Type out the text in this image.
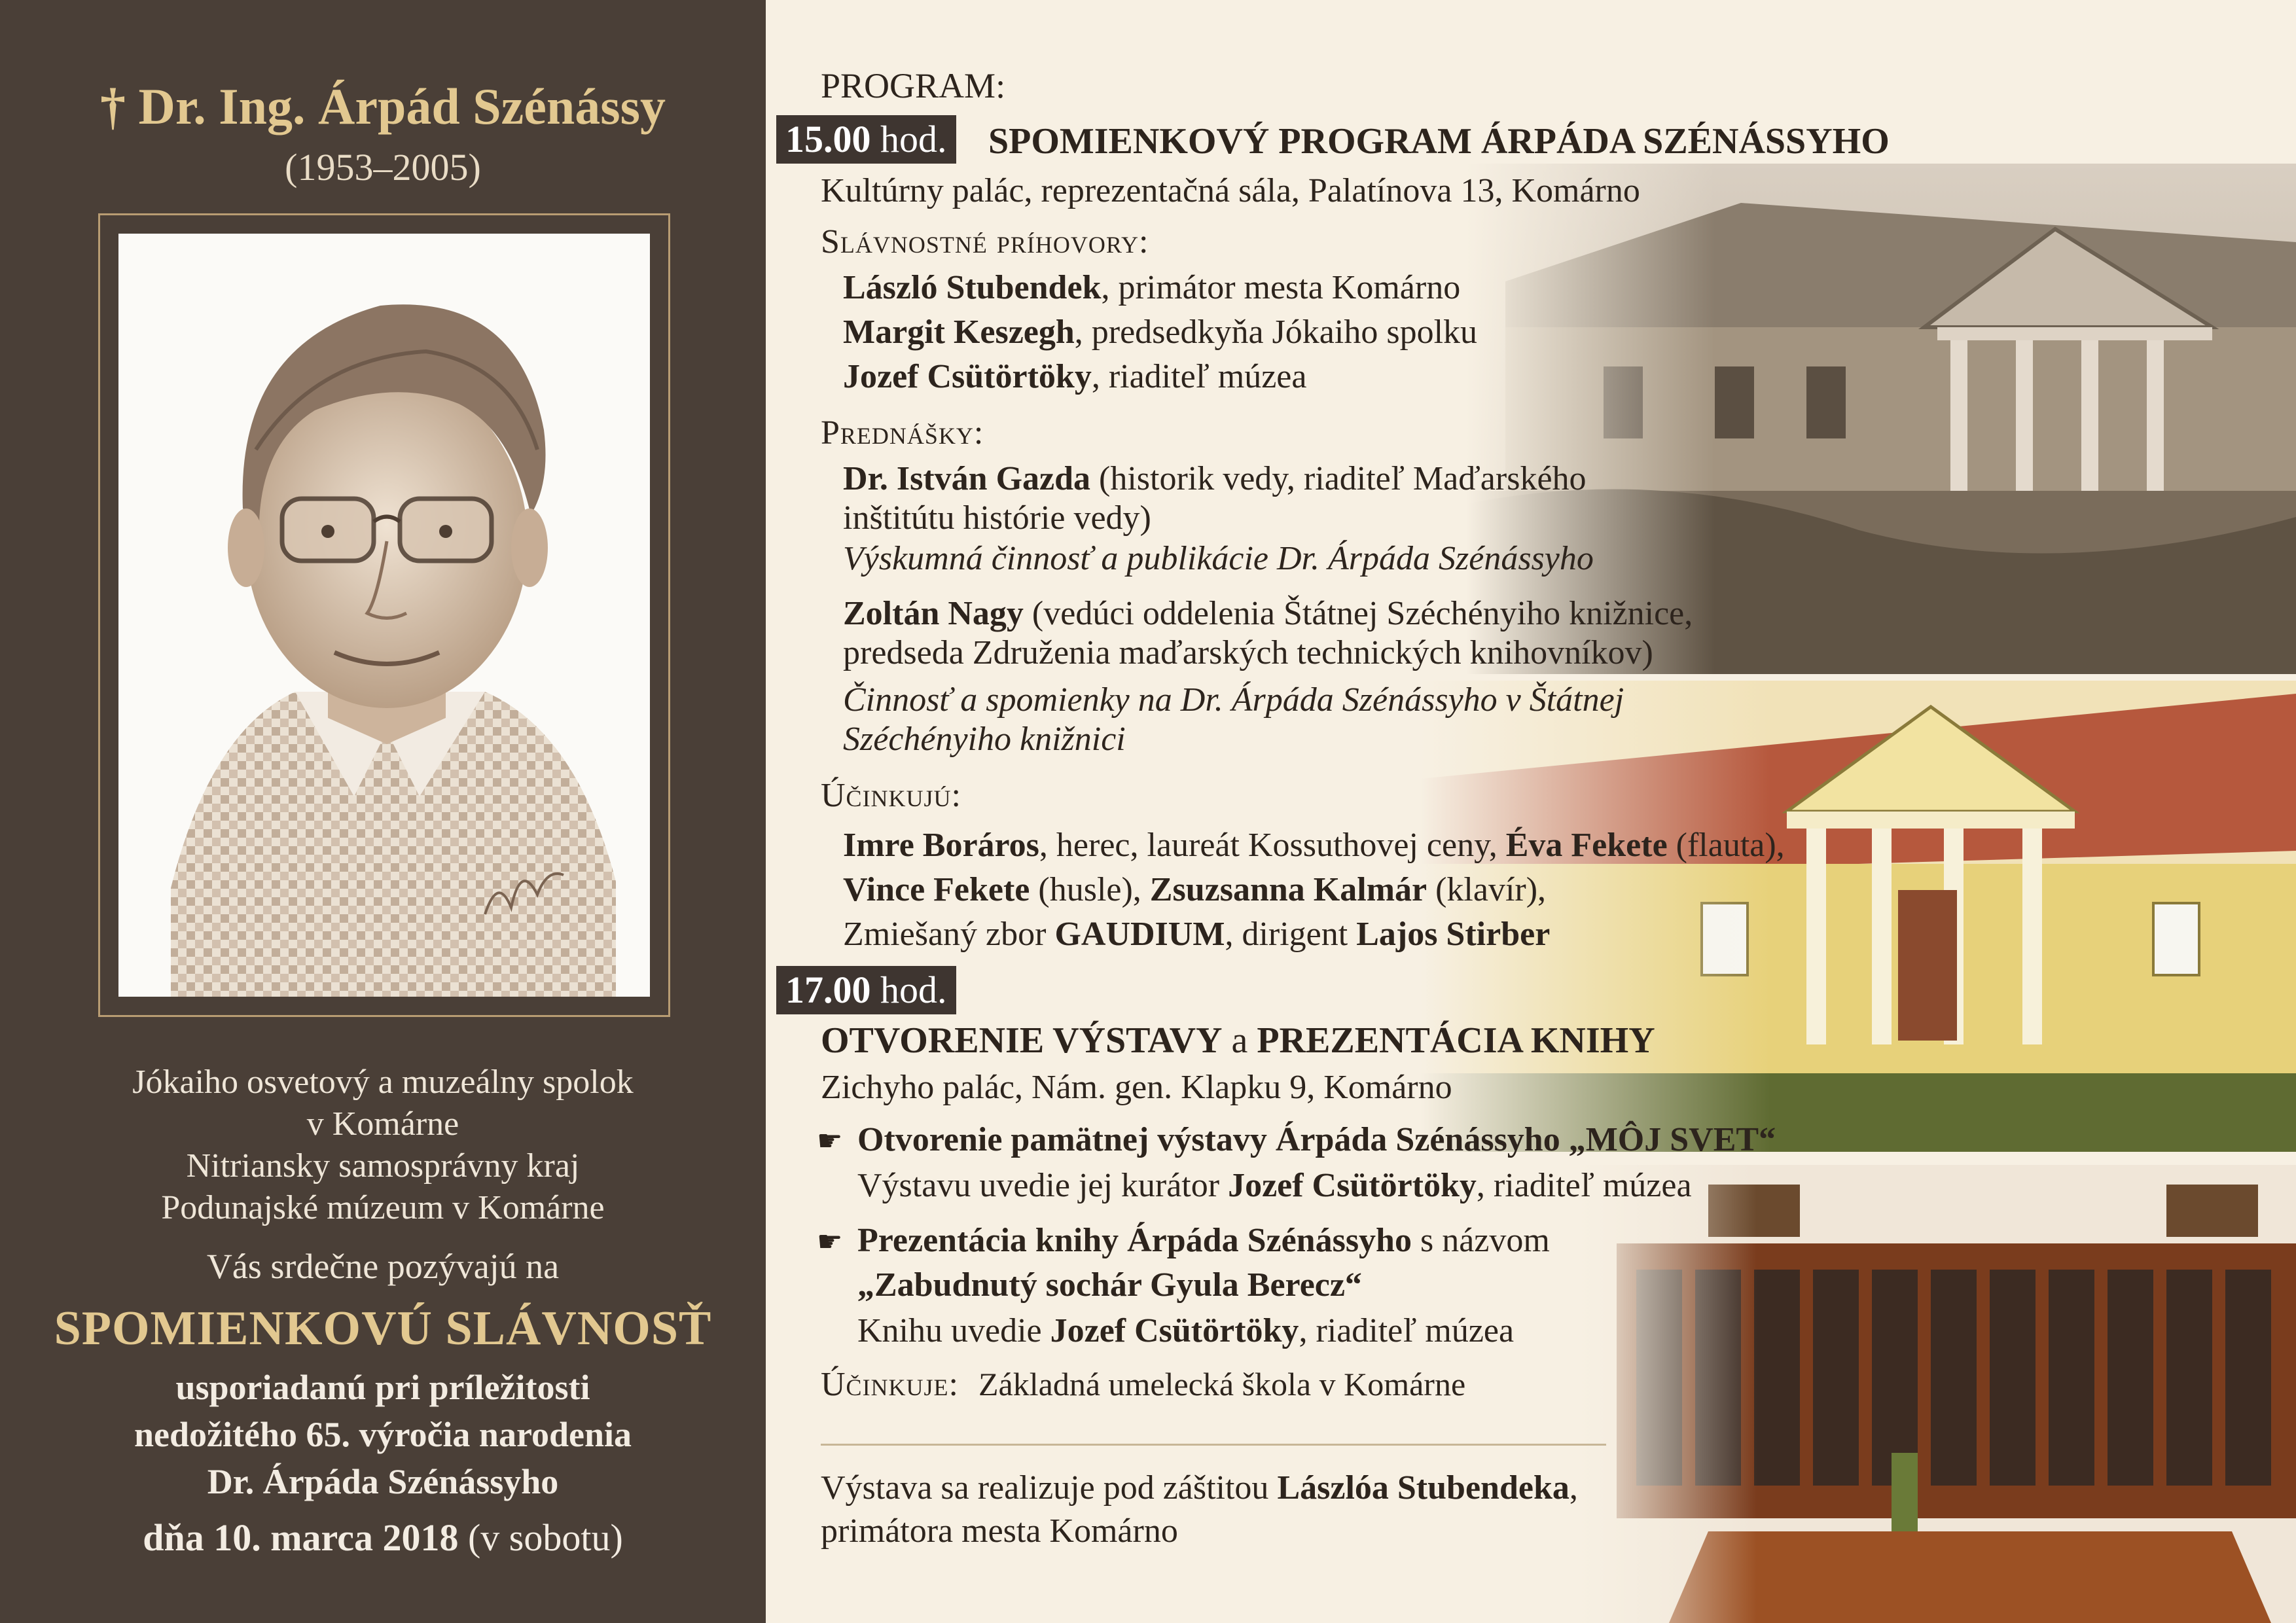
† Dr. Ing. Árpád Szénássy
(1953–2005)
Jókaiho osvetový a muzeálny spolok
v Komárne
Nitriansky samosprávny kraj
Podunajské múzeum v Komárne
Vás srdečne pozývajú na
SPOMIENKOVÚ SLÁVNOSŤ
usporiadanú pri príležitosti
nedožitého 65. výročia narodenia
Dr. Árpáda Szénássyho
dňa 10. marca 2018 (v sobotu)
PROGRAM:
15.00 hod. SPOMIENKOVÝ PROGRAM ÁRPÁDA SZÉNÁSSYHO
Kultúrny palác, reprezentačná sála, Palatínova 13, Komárno
Slávnostné príhovory:
László Stubendek, primátor mesta Komárno
Margit Keszegh, predsedkyňa Jókaiho spolku
Jozef Csütörtöky, riaditeľ múzea
Prednášky:
Dr. István Gazda (historik vedy, riaditeľ Maďarského
inštitútu histórie vedy)
Výskumná činnosť a publikácie Dr. Árpáda Szénássyho
Zoltán Nagy (vedúci oddelenia Štátnej Széchényiho knižnice,
predseda Združenia maďarských technických knihovníkov)
Činnosť a spomienky na Dr. Árpáda Szénássyho v Štátnej
Széchényiho knižnici
Účinkujú:
Imre Boráros, herec, laureát Kossuthovej ceny, Éva Fekete (flauta),
Vince Fekete (husle), Zsuzsanna Kalmár (klavír),
Zmiešaný zbor GAUDIUM, dirigent Lajos Stirber
17.00 hod.
OTVORENIE VÝSTAVY a PREZENTÁCIA KNIHY
Zichyho palác, Nám. gen. Klapku 9, Komárno
☛ Otvorenie pamätnej výstavy Árpáda Szénássyho „MÔJ SVET“
Výstavu uvedie jej kurátor Jozef Csütörtöky, riaditeľ múzea
☛ Prezentácia knihy Árpáda Szénássyho s názvom
„Zabudnutý sochár Gyula Berecz“
Knihu uvedie Jozef Csütörtöky, riaditeľ múzea
Účinkuje: Základná umelecká škola v Komárne
Výstava sa realizuje pod záštitou Lászlóa Stubendeka,
primátora mesta Komárno
